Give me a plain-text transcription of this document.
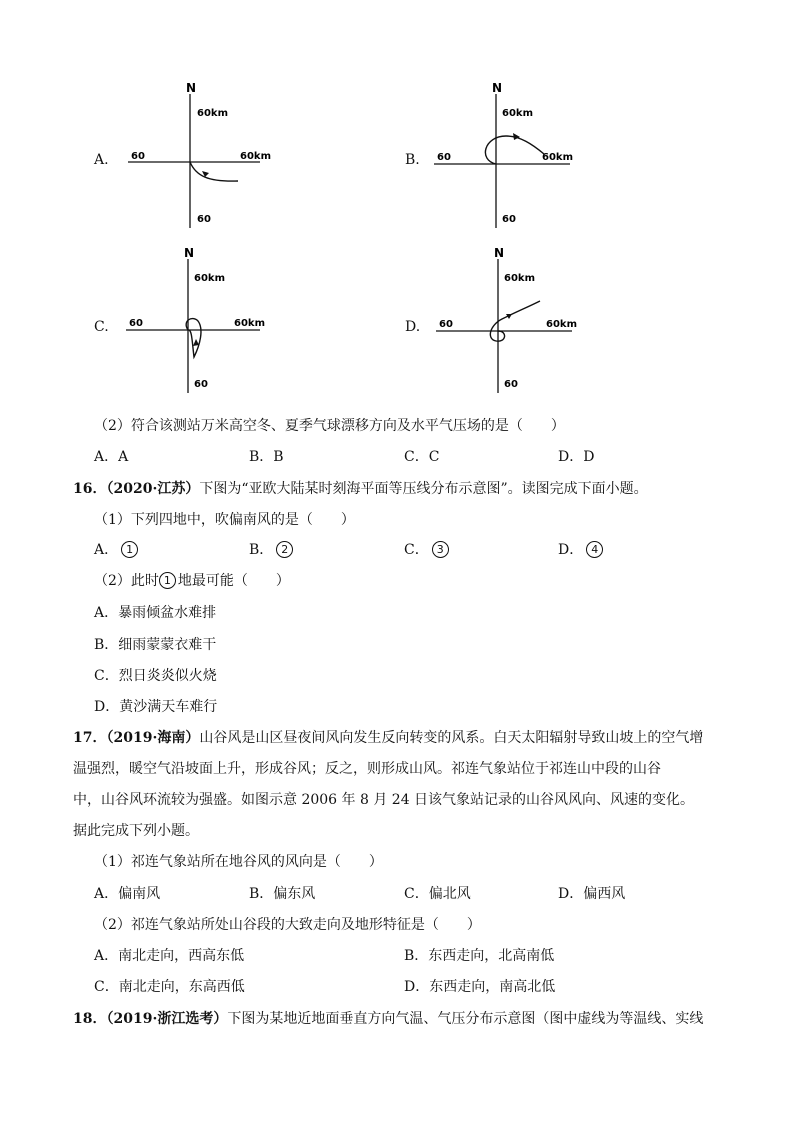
A.
N
60km
60	60km
60
B.
N
60km
60	60km
60
C.
N
60km
60	60km
60
D.
N
60km
60	60km
60
（2）符合该测站万米高空冬、夏季气球漂移方向及水平气压场的是（　　）
A．A	B．B	C．C	D．D
16．（2020·江苏）下图为“亚欧大陆某时刻海平面等压线分布示意图”。读图完成下面小题。
（1）下列四地中，吹偏南风的是（　　）
A． 1	B． 2	C． 3	D． 4
（2）此时 1 地最可能（　　）
A．暴雨倾盆水难排
B．细雨蒙蒙衣难干
C．烈日炎炎似火烧
D．黄沙满天车难行
17．（2019·海南）山谷风是山区昼夜间风向发生反向转变的风系。白天太阳辐射导致山坡上的空气增
温强烈，暖空气沿坡面上升，形成谷风；反之，则形成山风。祁连气象站位于祁连山中段的山谷
中，山谷风环流较为强盛。如图示意 2006 年 8 月 24 日该气象站记录的山谷风风向、风速的变化。
据此完成下列小题。
（1）祁连气象站所在地谷风的风向是（　　）
A．偏南风	B．偏东风	C．偏北风	D．偏西风
（2）祁连气象站所处山谷段的大致走向及地形特征是（　　）
A．南北走向，西高东低	B．东西走向，北高南低
C．南北走向，东高西低	D．东西走向，南高北低
18．（2019·浙江选考）下图为某地近地面垂直方向气温、气压分布示意图（图中虚线为等温线、实线
